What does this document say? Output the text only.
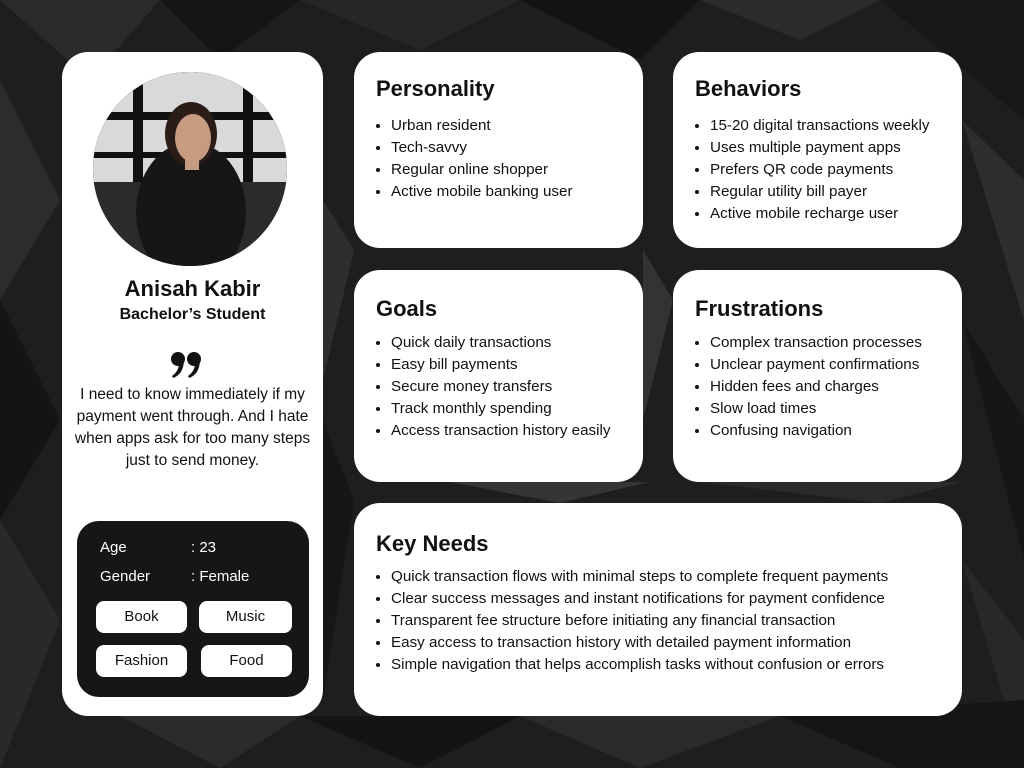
Anisah Kabir
Bachelor’s Student
I need to know immediately if my payment went through. And I hate when apps ask for too many steps just to send money.
Age	: 23
Gender	: Female
Book	Music
Fashion	Food
Personality
• Urban resident
• Tech-savvy
• Regular online shopper
• Active mobile banking user
Behaviors
• 15-20 digital transactions weekly
• Uses multiple payment apps
• Prefers QR code payments
• Regular utility bill payer
• Active mobile recharge user
Goals
• Quick daily transactions
• Easy bill payments
• Secure money transfers
• Track monthly spending
• Access transaction history easily
Frustrations
• Complex transaction processes
• Unclear payment confirmations
• Hidden fees and charges
• Slow load times
• Confusing navigation
Key Needs
• Quick transaction flows with minimal steps to complete frequent payments
• Clear success messages and instant notifications for payment confidence
• Transparent fee structure before initiating any financial transaction
• Easy access to transaction history with detailed payment information
• Simple navigation that helps accomplish tasks without confusion or errors
